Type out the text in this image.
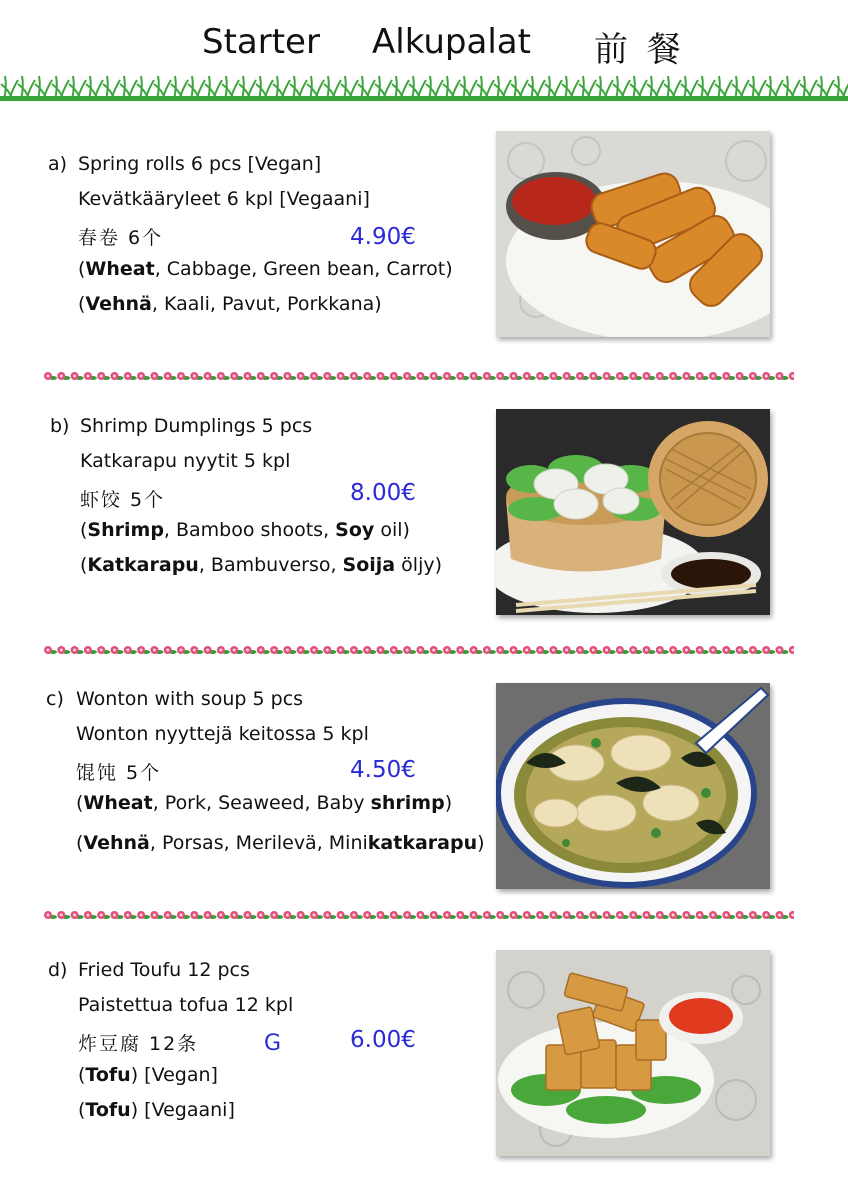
Starter Alkupalat 前 餐
a) Spring rolls 6 pcs [Vegan]
Kevätkääryleet 6 kpl [Vegaani]
春卷 6个	4.90€
(Wheat, Cabbage, Green bean, Carrot)
(Vehnä, Kaali, Pavut, Porkkana)
b) Shrimp Dumplings 5 pcs
Katkarapu nyytit 5 kpl
虾饺 5个	8.00€
(Shrimp, Bamboo shoots, Soy oil)
(Katkarapu, Bambuverso, Soija öljy)
c) Wonton with soup 5 pcs
Wonton nyyttejä keitossa 5 kpl
馄饨 5个	4.50€
(Wheat, Pork, Seaweed, Baby shrimp)
(Vehnä, Porsas, Merilevä, Minikatkarapu)
d) Fried Toufu 12 pcs
Paistettua tofua 12 kpl
炸豆腐 12条	G	6.00€
(Tofu) [Vegan]
(Tofu) [Vegaani]
